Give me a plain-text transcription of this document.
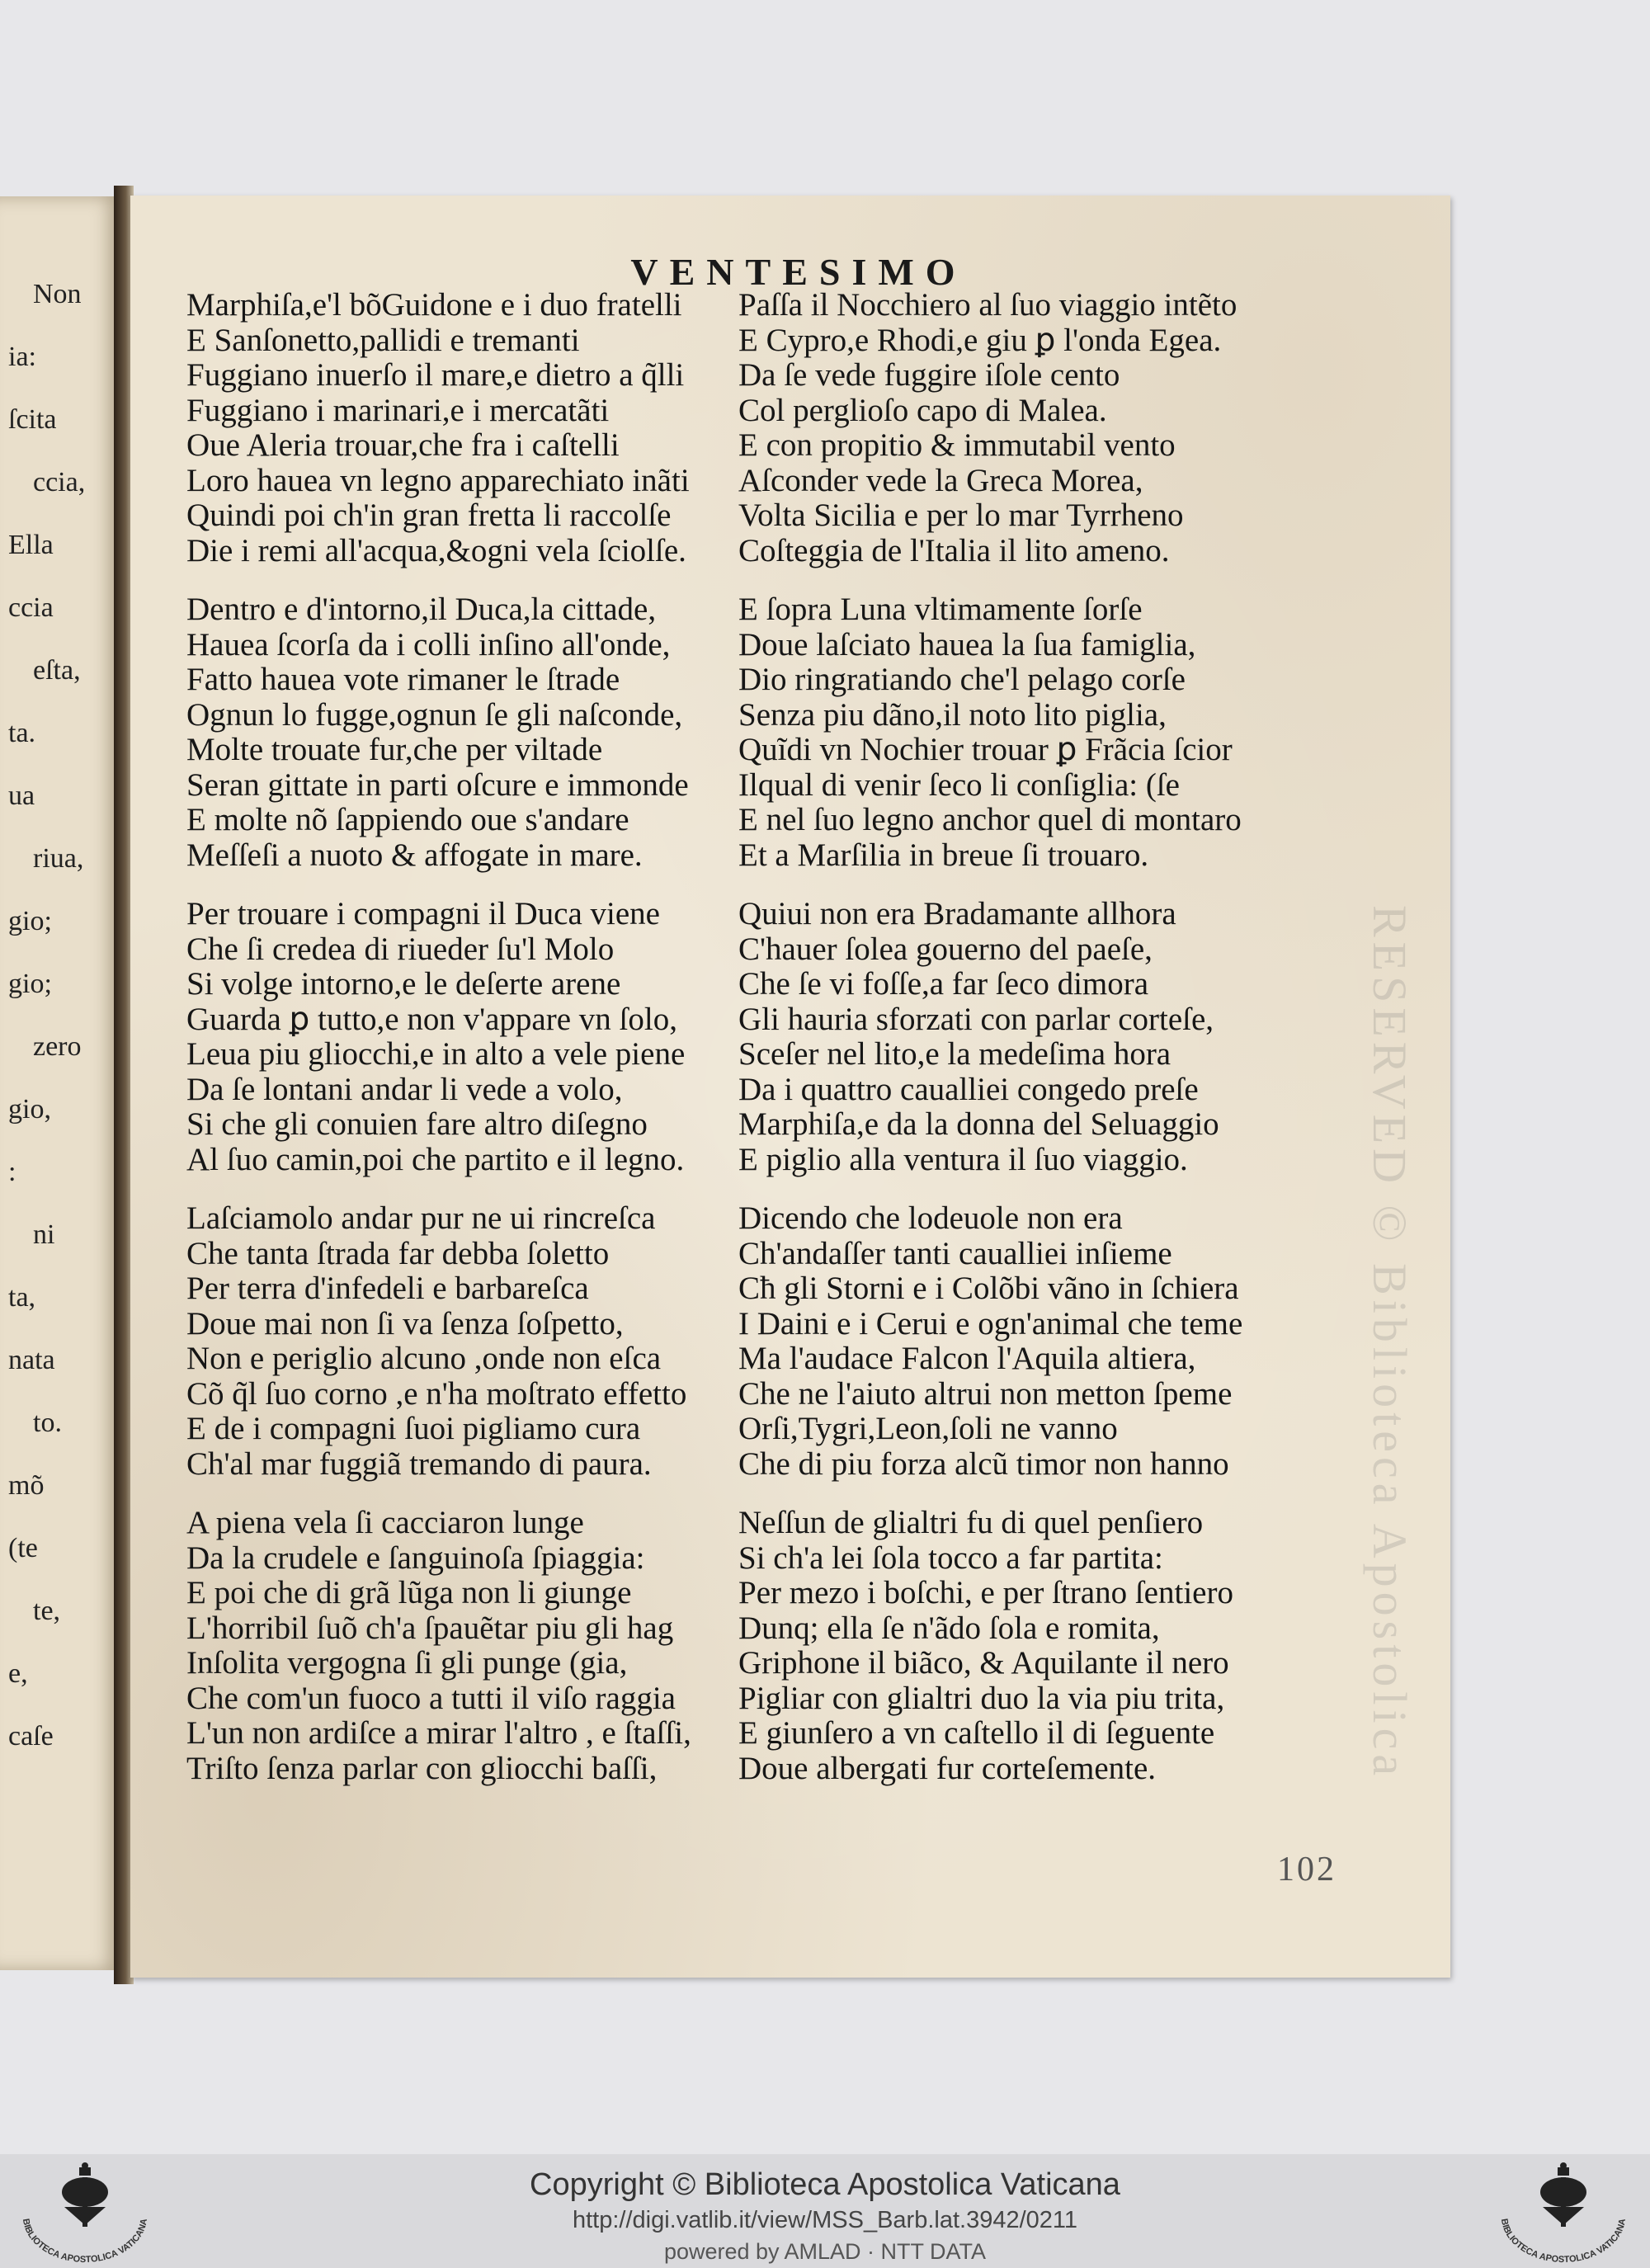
Non
ia:
ſcita
ccia,
Ella
ccia
eſta,
ta.
ua
riua,
gio;
gio;
zero
gio,
:
ni
ta,
nata
to.
mõ
(te
te,
e,
caſe
VENTESIMO
Marphiſa,e'l bõGuidone e i duo fratelli
E Sanſonetto,pallidi e tremanti
Fuggiano inuerſo il mare,e dietro a q̃lli
Fuggiano i marinari,e i mercatãti
Oue Aleria trouar,che fra i caſtelli
Loro hauea vn legno apparechiato inãti
Quindi poi ch'in gran fretta li raccolſe
Die i remi all'acqua,&ogni vela ſciolſe.
Dentro e d'intorno,il Duca,la cittade,
Hauea ſcorſa da i colli inſino all'onde,
Fatto hauea vote rimaner le ſtrade
Ognun lo fugge,ognun ſe gli naſconde,
Molte trouate fur,che per viltade
Seran gittate in parti oſcure e immonde
E molte nõ ſappiendo oue s'andare
Meſſeſi a nuoto & affogate in mare.
Per trouare i compagni il Duca viene
Che ſi credea di riueder ſu'l Molo
Si volge intorno,e le deſerte arene
Guarda ꝑ tutto,e non v'appare vn ſolo,
Leua piu gliocchi,e in alto a vele piene
Da ſe lontani andar li vede a volo,
Si che gli conuien fare altro diſegno
Al ſuo camin,poi che partito e il legno.
Laſciamolo andar pur ne ui rincreſca
Che tanta ſtrada far debba ſoletto
Per terra d'infedeli e barbareſca
Doue mai non ſi va ſenza ſoſpetto,
Non e periglio alcuno ,onde non eſca
Cõ q̃l ſuo corno ,e n'ha moſtrato effetto
E de i compagni ſuoi pigliamo cura
Ch'al mar fuggiã tremando di paura.
A piena vela ſi cacciaron lunge
Da la crudele e ſanguinoſa ſpiaggia:
E poi che di grã lũga non li giunge
L'horribil ſuõ ch'a ſpauẽtar piu gli hag
Inſolita vergogna ſi gli punge (gia,
Che com'un fuoco a tutti il viſo raggia
L'un non ardiſce a mirar l'altro , e ſtaſſi,
Triſto ſenza parlar con gliocchi baſſi,
Paſſa il Nocchiero al ſuo viaggio intẽto
E Cypro,e Rhodi,e giu ꝑ l'onda Egea.
Da ſe vede fuggire iſole cento
Col perglioſo capo di Malea.
E con propitio & immutabil vento
Aſconder vede la Greca Morea,
Volta Sicilia e per lo mar Tyrrheno
Coſteggia de l'Italia il lito ameno.
E ſopra Luna vltimamente ſorſe
Doue laſciato hauea la ſua famiglia,
Dio ringratiando che'l pelago corſe
Senza piu dãno,il noto lito piglia,
Quĩdi vn Nochier trouar ꝑ Frãcia ſcior
Ilqual di venir ſeco li conſiglia: (ſe
E nel ſuo legno anchor quel di montaro
Et a Marſilia in breue ſi trouaro.
Quiui non era Bradamante allhora
C'hauer ſolea gouerno del paeſe,
Che ſe vi foſſe,a far ſeco dimora
Gli hauria sforzati con parlar corteſe,
Sceſer nel lito,e la medeſima hora
Da i quattro caualliei congedo preſe
Marphiſa,e da la donna del Seluaggio
E piglio alla ventura il ſuo viaggio.
Dicendo che lodeuole non era
Ch'andaſſer tanti caualliei inſieme
Cħ gli Storni e i Colõbi vãno in ſchiera
I Daini e i Cerui e ogn'animal che teme
Ma l'audace Falcon l'Aquila altiera,
Che ne l'aiuto altrui non metton ſpeme
Orſi,Tygri,Leon,ſoli ne vanno
Che di piu forza alcũ timor non hanno
Neſſun de glialtri fu di quel penſiero
Si ch'a lei ſola tocco a far partita:
Per mezo i boſchi, e per ſtrano ſentiero
Dunq; ella ſe n'ãdo ſola e romita,
Griphone il biãco, & Aquilante il nero
Pigliar con glialtri duo la via piu trita,
E giunſero a vn caſtello il di ſeguente
Doue albergati fur corteſemente.
102
RESERVED © Biblioteca Apostolica
BIBLIOTECA APOSTOLICA VATICANA
Copyright © Biblioteca Apostolica Vaticana
http://digi.vatlib.it/view/MSS_Barb.lat.3942/0211
powered by AMLAD · NTT DATA
BIBLIOTECA APOSTOLICA VATICANA
